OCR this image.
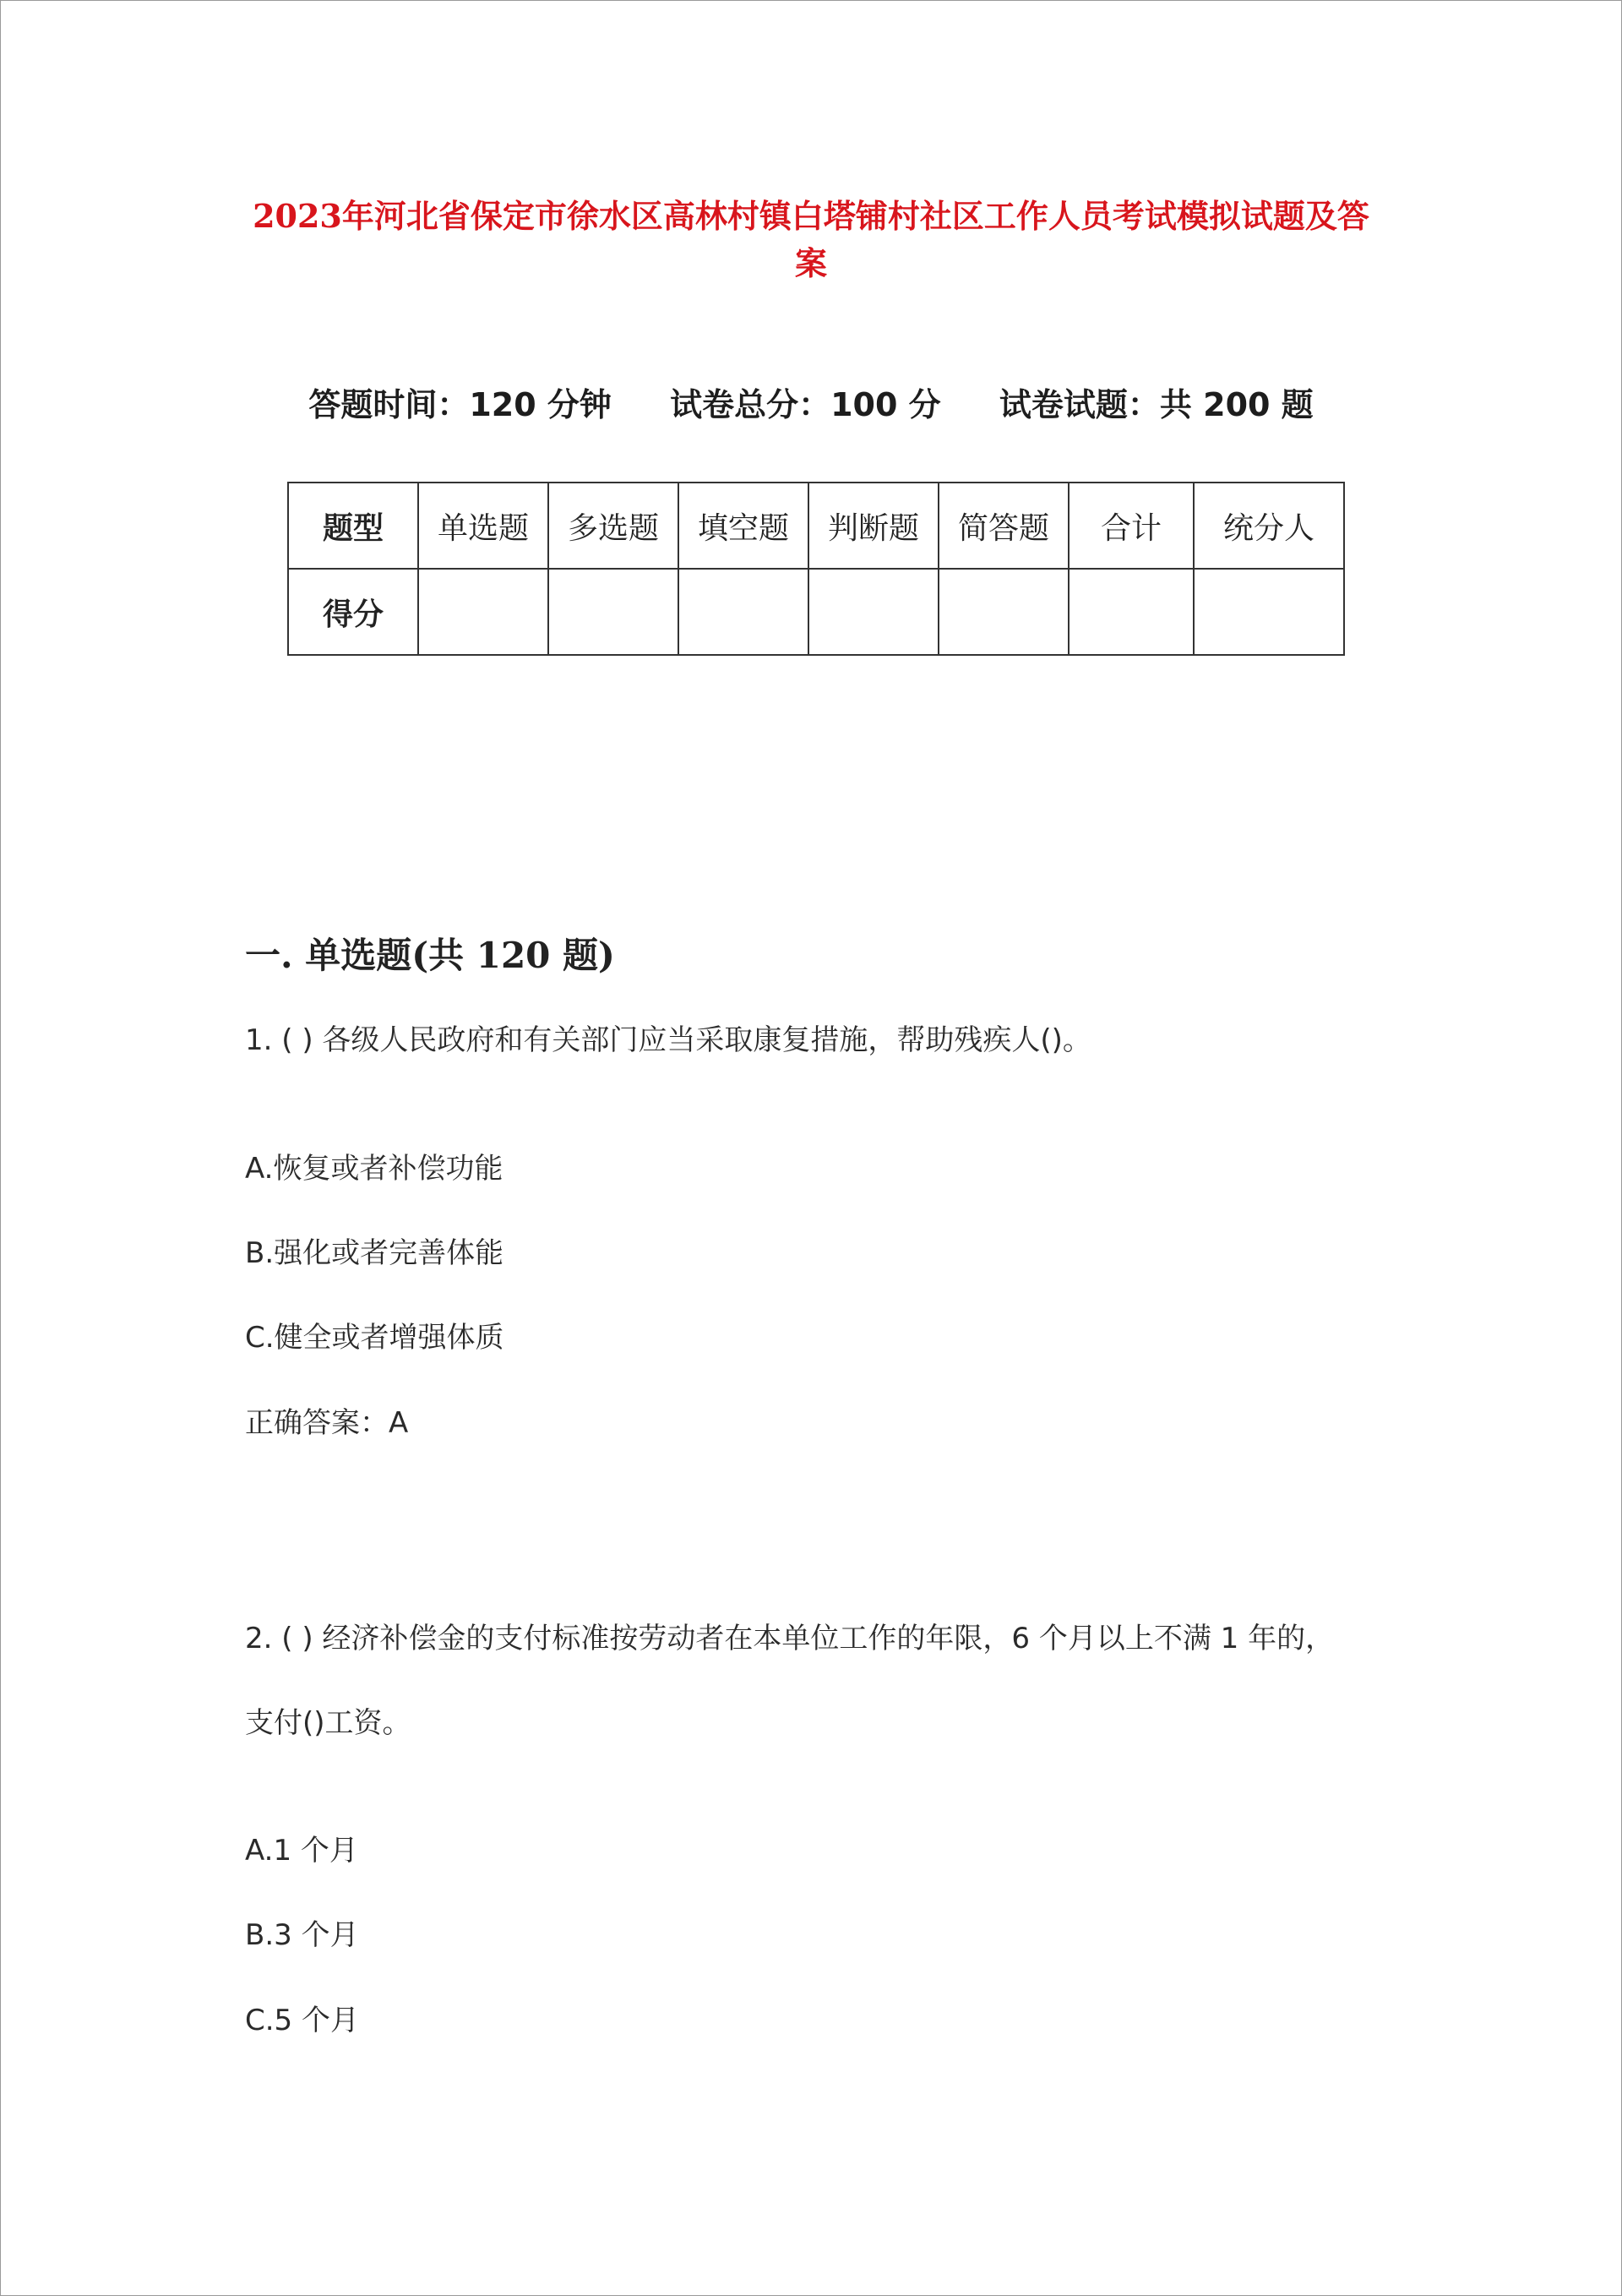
2023年河北省保定市徐水区高林村镇白塔铺村社区工作人员考试模拟试题及答
案
答题时间：120 分钟 试卷总分：100 分 试卷试题：共 200 题
题型	单选题	多选题	填空题	判断题	简答题	合计	统分人
得分							
一. 单选题(共 120 题)
1. ( ) 各级人民政府和有关部门应当采取康复措施，帮助残疾人()。
A.恢复或者补偿功能
B.强化或者完善体能
C.健全或者增强体质
正确答案：A
2. ( ) 经济补偿金的支付标准按劳动者在本单位工作的年限，6 个月以上不满 1 年的，
支付()工资。
A.1 个月
B.3 个月
C.5 个月
